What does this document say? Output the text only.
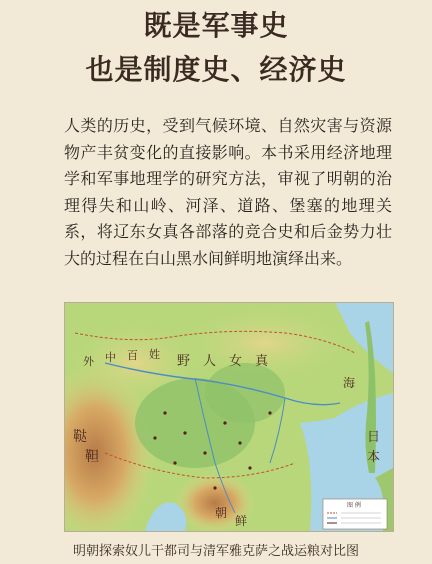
既是军事史
也是制度史、经济史
人类的历史，受到气候环境、自然灾害与资源物产丰贫变化的直接影响。本书采用经济地理学和军事地理学的研究方法，审视了明朝的治理得失和山岭、河泽、道路、堡塞的地理关系，将辽东女真各部落的竞合史和后金势力壮大的过程在白山黑水间鲜明地演绎出来。
外 中 百 姓 野 人 女 真
鞑
靼
朝
鲜
日
本
海
图 例
明朝探索奴儿干都司与清军雅克萨之战运粮对比图
